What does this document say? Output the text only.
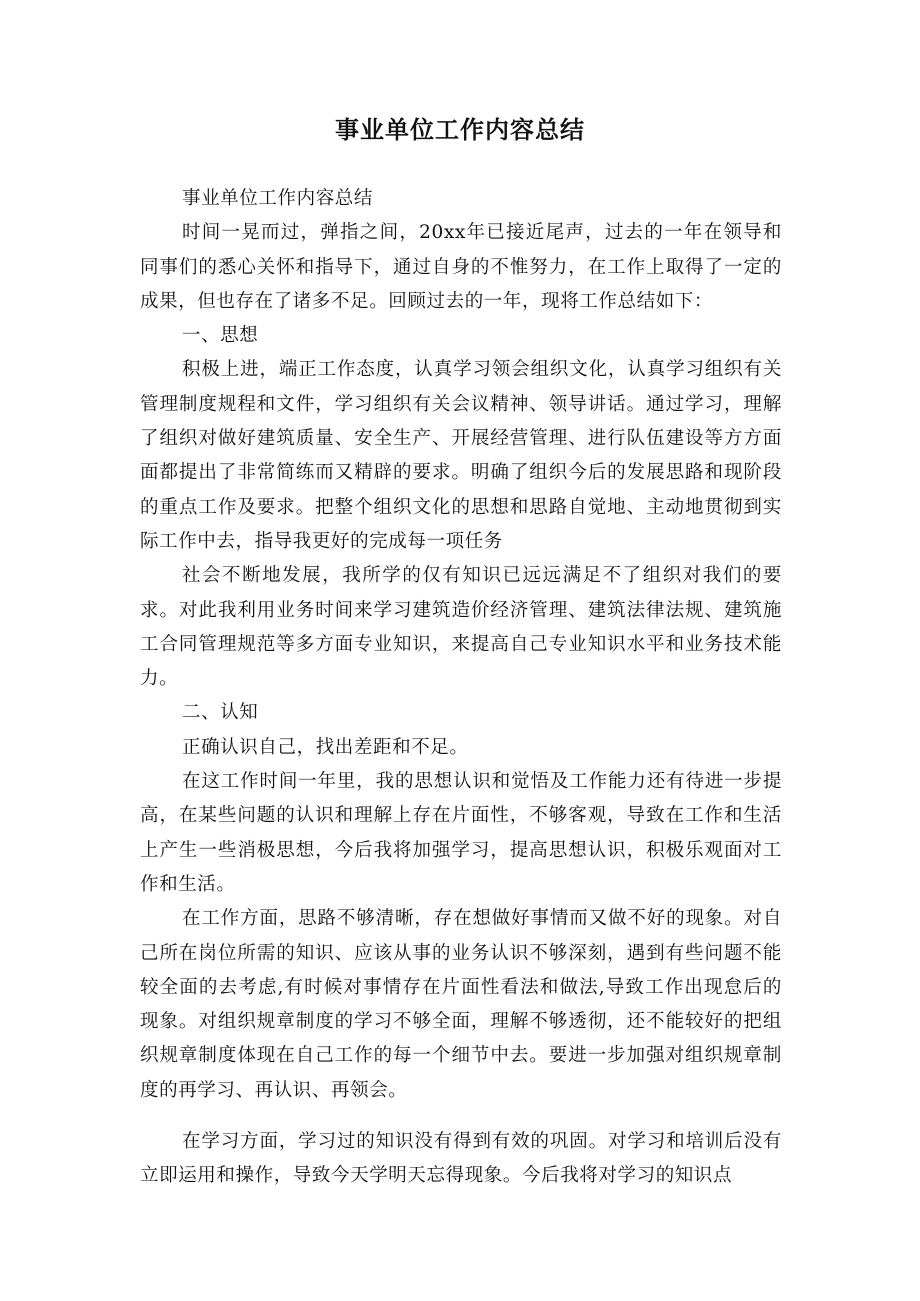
事业单位工作内容总结

事业单位工作内容总结

时间一晃而过，弹指之间，20xx年已接近尾声，过去的一年在领导和同事们的悉心关怀和指导下，通过自身的不惟努力，在工作上取得了一定的成果，但也存在了诸多不足。回顾过去的一年，现将工作总结如下：

一、思想

积极上进，端正工作态度，认真学习领会组织文化，认真学习组织有关管理制度规程和文件，学习组织有关会议精神、领导讲话。通过学习，理解了组织对做好建筑质量、安全生产、开展经营管理、进行队伍建设等方方面面都提出了非常简练而又精辟的要求。明确了组织今后的发展思路和现阶段的重点工作及要求。把整个组织文化的思想和思路自觉地、主动地贯彻到实际工作中去，指导我更好的完成每一项任务

社会不断地发展，我所学的仅有知识已远远满足不了组织对我们的要求。对此我利用业务时间来学习建筑造价经济管理、建筑法律法规、建筑施工合同管理规范等多方面专业知识，来提高自己专业知识水平和业务技术能力。

二、认知

正确认识自己，找出差距和不足。

在这工作时间一年里，我的思想认识和觉悟及工作能力还有待进一步提高，在某些问题的认识和理解上存在片面性，不够客观，导致在工作和生活上产生一些消极思想，今后我将加强学习，提高思想认识，积极乐观面对工作和生活。

在工作方面，思路不够清晰，存在想做好事情而又做不好的现象。对自己所在岗位所需的知识、应该从事的业务认识不够深刻，遇到有些问题不能较全面的去考虑,有时候对事情存在片面性看法和做法,导致工作出现怠后的现象。对组织规章制度的学习不够全面，理解不够透彻，还不能较好的把组织规章制度体现在自己工作的每一个细节中去。要进一步加强对组织规章制度的再学习、再认识、再领会。

在学习方面，学习过的知识没有得到有效的巩固。对学习和培训后没有立即运用和操作，导致今天学明天忘得现象。今后我将对学习的知识点
